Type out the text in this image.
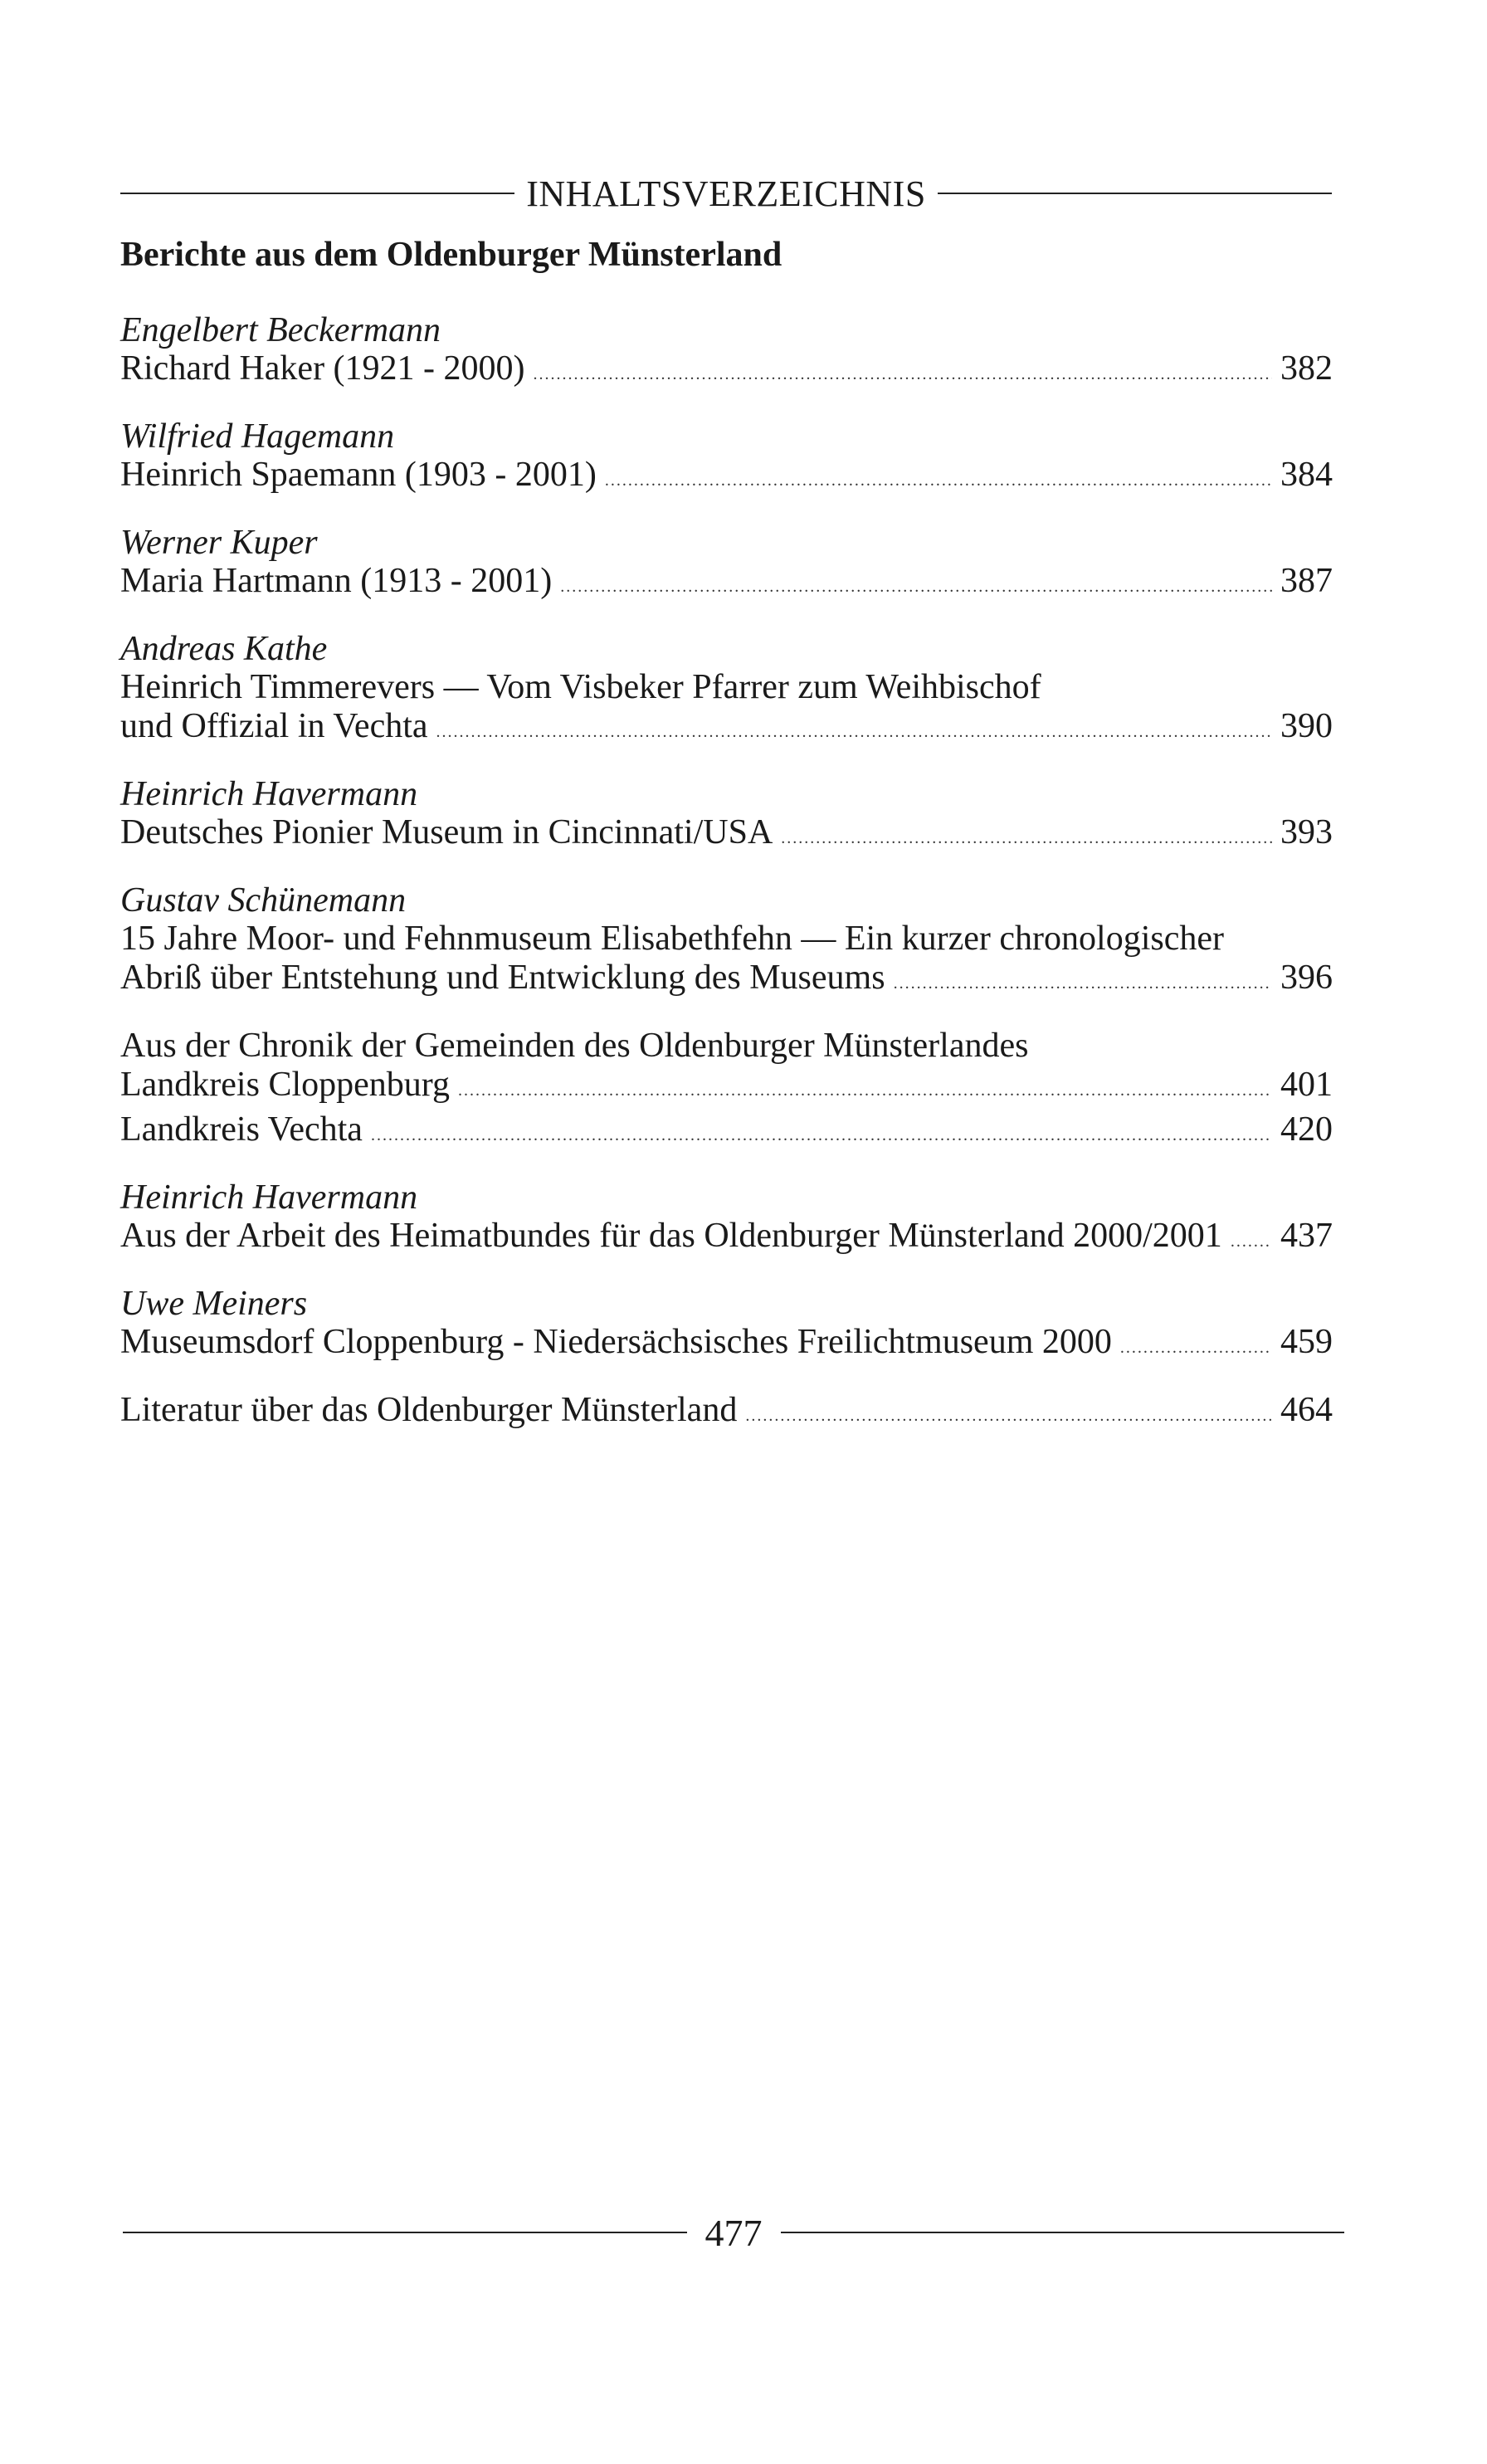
INHALTSVERZEICHNIS
Berichte aus dem Oldenburger Münsterland
Engelbert Beckermann
Richard Haker (1921 - 2000) .....	382
Wilfried Hagemann
Heinrich Spaemann (1903 - 2001) .....	384
Werner Kuper
Maria Hartmann (1913 - 2001) .....	387
Andreas Kathe
Heinrich Timmerevers — Vom Visbeker Pfarrer zum Weihbischof
und Offizial in Vechta .....	390
Heinrich Havermann
Deutsches Pionier Museum in Cincinnati/USA .....	393
Gustav Schünemann
15 Jahre Moor- und Fehnmuseum Elisabethfehn — Ein kurzer chronologischer
Abriß über Entstehung und Entwicklung des Museums .....	396
Aus der Chronik der Gemeinden des Oldenburger Münsterlandes
Landkreis Cloppenburg .....	401
Landkreis Vechta .....	420
Heinrich Havermann
Aus der Arbeit des Heimatbundes für das Oldenburger Münsterland 2000/2001 ..... 437
Uwe Meiners
Museumsdorf Cloppenburg - Niedersächsisches Freilichtmuseum 2000 .....	459
Literatur über das Oldenburger Münsterland .....	464
477
